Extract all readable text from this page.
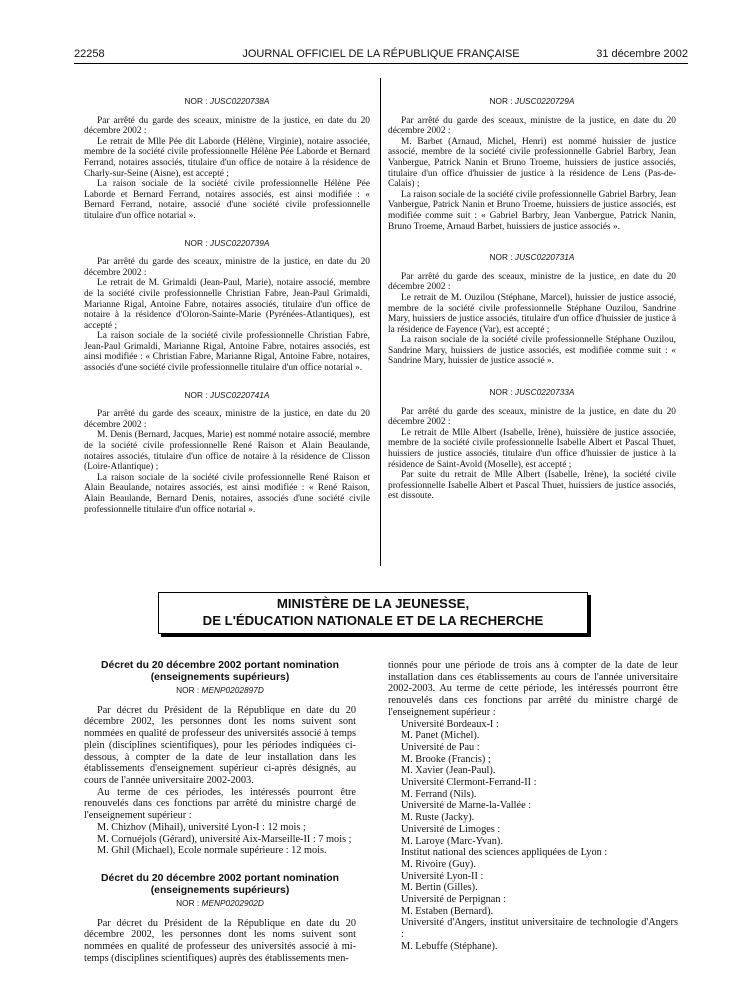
22258	JOURNAL OFFICIEL DE LA RÉPUBLIQUE FRANÇAISE	31 décembre 2002
NOR : JUSC0220738A

Par arrêté du garde des sceaux, ministre de la justice, en date du 20 décembre 2002 :

Le retrait de Mlle Pée dit Laborde (Hélène, Virginie), notaire associée, membre de la société civile professionnelle Hélène Pée Laborde et Bernard Ferrand, notaires associés, titulaire d'un office de notaire à la résidence de Charly-sur-Seine (Aisne), est accepté ;

La raison sociale de la société civile professionnelle Hélène Pée Laborde et Bernard Ferrand, notaires associés, est ainsi modifiée : « Bernard Ferrand, notaire, associé d'une société civile professionnelle titulaire d'un office notarial ».

NOR : JUSC0220739A

Par arrêté du garde des sceaux, ministre de la justice, en date du 20 décembre 2002 :

Le retrait de M. Grimaldi (Jean-Paul, Marie), notaire associé, membre de la société civile professionnelle Christian Fabre, Jean-Paul Grimaldi, Marianne Rigal, Antoine Fabre, notaires associés, titulaire d'un office de notaire à la résidence d'Oloron-Sainte-Marie (Pyrénées-Atlantiques), est accepté ;

La raison sociale de la société civile professionnelle Christian Fabre, Jean-Paul Grimaldi, Marianne Rigal, Antoine Fabre, notaires associés, est ainsi modifiée : « Christian Fabre, Marianne Rigal, Antoine Fabre, notaires, associés d'une société civile professionnelle titulaire d'un office notarial ».

NOR : JUSC0220741A

Par arrêté du garde des sceaux, ministre de la justice, en date du 20 décembre 2002 :

M. Denis (Bernard, Jacques, Marie) est nommé notaire associé, membre de la société civile professionnelle René Raison et Alain Beaulande, notaires associés, titulaire d'un office de notaire à la résidence de Clisson (Loire-Atlantique) ;

La raison sociale de la société civile professionnelle René Raison et Alain Beaulande, notaires associés, est ainsi modifiée : « René Raison, Alain Beaulande, Bernard Denis, notaires, associés d'une société civile professionnelle titulaire d'un office notarial ».

NOR : JUSC0220729A

Par arrêté du garde des sceaux, ministre de la justice, en date du 20 décembre 2002 :

M. Barbet (Arnaud, Michel, Henri) est nommé huissier de justice associé, membre de la société civile professionnelle Gabriel Barbry, Jean Vanbergue, Patrick Nanin et Bruno Troeme, huissiers de justice associés, titulaire d'un office d'huissier de justice à la résidence de Lens (Pas-de-Calais) ;

La raison sociale de la société civile professionnelle Gabriel Barbry, Jean Vanbergue, Patrick Nanin et Bruno Troeme, huissiers de justice associés, est modifiée comme suit : « Gabriel Barbry, Jean Vanbergue, Patrick Nanin, Bruno Troeme, Arnaud Barbet, huissiers de justice associés ».

NOR : JUSC0220731A

Par arrêté du garde des sceaux, ministre de la justice, en date du 20 décembre 2002 :

Le retrait de M. Ouzilou (Stéphane, Marcel), huissier de justice associé, membre de la société civile professionnelle Stéphane Ouzilou, Sandrine Mary, huissiers de justice associés, titulaire d'un office d'huissier de justice à la résidence de Fayence (Var), est accepté ;

La raison sociale de la société civile professionnelle Stéphane Ouzilou, Sandrine Mary, huissiers de justice associés, est modifiée comme suit : « Sandrine Mary, huissier de justice associé ».

NOR : JUSC0220733A

Par arrêté du garde des sceaux, ministre de la justice, en date du 20 décembre 2002 :

Le retrait de Mlle Albert (Isabelle, Irène), huissière de justice associée, membre de la société civile professionnelle Isabelle Albert et Pascal Thuet, huissiers de justice associés, titulaire d'un office d'huissier de justice à la résidence de Saint-Avold (Moselle), est accepté ;

Par suite du retrait de Mlle Albert (Isabelle, Irène), la société civile professionnelle Isabelle Albert et Pascal Thuet, huissiers de justice associés, est dissoute.

MINISTÈRE DE LA JEUNESSE,
DE L'ÉDUCATION NATIONALE ET DE LA RECHERCHE
Décret du 20 décembre 2002 portant nomination
(enseignements supérieurs)
NOR : MENP0202897D

Par décret du Président de la République en date du 20 décembre 2002, les personnes dont les noms suivent sont nommées en qualité de professeur des universités associé à temps plein (disciplines scientifiques), pour les périodes indiquées ci-dessous, à compter de la date de leur installation dans les établissements d'enseignement supérieur ci-après désignés, au cours de l'année universitaire 2002-2003.

Au terme de ces périodes, les intéressés pourront être renouvelés dans ces fonctions par arrêté du ministre chargé de l'enseignement supérieur :

M. Chizhov (Mihail), université Lyon-I : 12 mois ;

M. Cornuéjols (Gérard), université Aix-Marseille-II : 7 mois ;

M. Ghil (Michael), Ecole normale supérieure : 12 mois.

Décret du 20 décembre 2002 portant nomination
(enseignements supérieurs)
NOR : MENP0202902D

Par décret du Président de la République en date du 20 décembre 2002, les personnes dont les noms suivent sont nommées en qualité de professeur des universités associé à mi-temps (disciplines scientifiques) auprès des établissements men-

tionnés pour une période de trois ans à compter de la date de leur installation dans ces établissements au cours de l'année universitaire 2002-2003. Au terme de cette période, les intéressés pourront être renouvelés dans ces fonctions par arrêté du ministre chargé de l'enseignement supérieur :

Université Bordeaux-I :

M. Panet (Michel).

Université de Pau :

M. Brooke (Francis) ;

M. Xavier (Jean-Paul).

Université Clermont-Ferrand-II :

M. Ferrand (Nils).

Université de Marne-la-Vallée :

M. Ruste (Jacky).

Université de Limoges :

M. Laroye (Marc-Yvan).

Institut national des sciences appliquées de Lyon :

M. Rivoire (Guy).

Université Lyon-II :

M. Bertin (Gilles).

Université de Perpignan :

M. Estaben (Bernard).

Université d'Angers, institut universitaire de technologie d'Angers :

M. Lebuffe (Stéphane).
